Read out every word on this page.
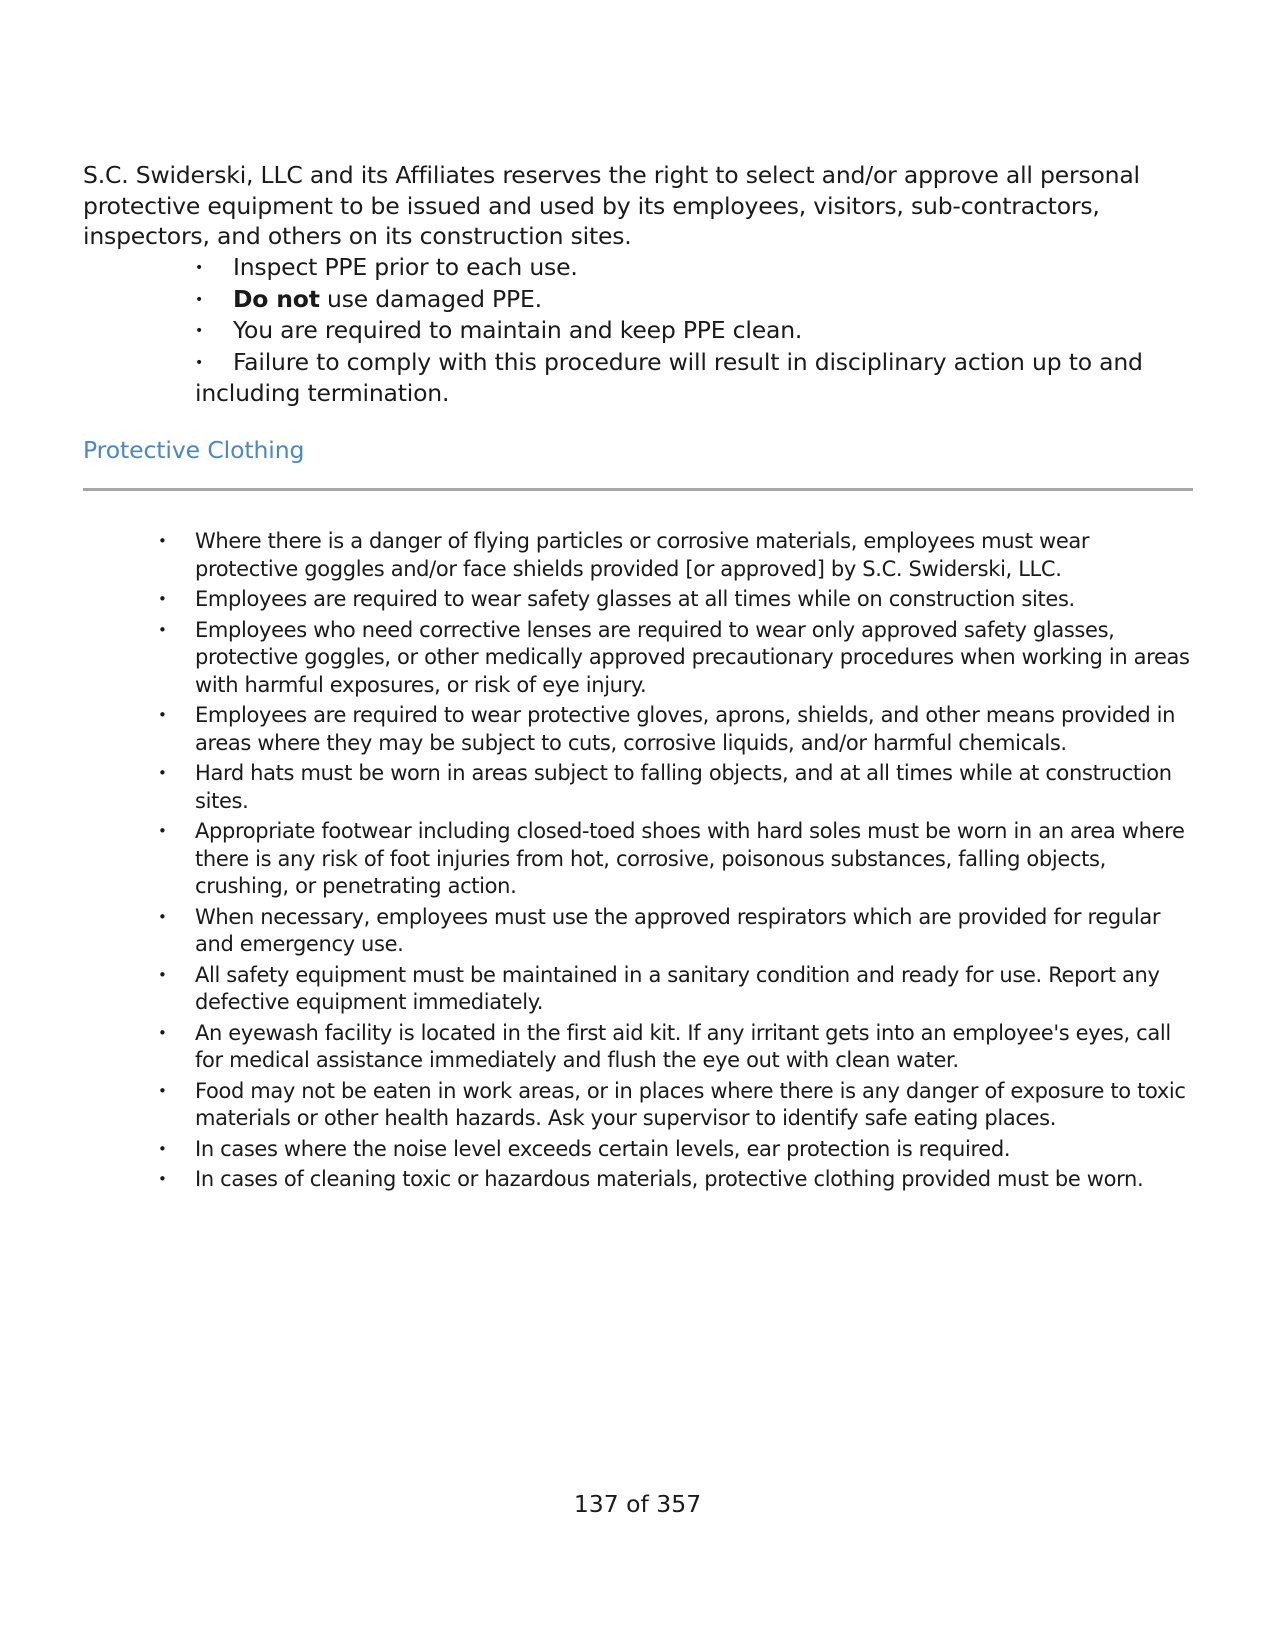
S.C. Swiderski, LLC and its Affiliates reserves the right to select and/or approve all personal protective equipment to be issued and used by its employees, visitors, sub-contractors, inspectors, and others on its construction sites.

• Inspect PPE prior to each use.
• Do not use damaged PPE.
• You are required to maintain and keep PPE clean.
• Failure to comply with this procedure will result in disciplinary action up to and including termination.
Protective Clothing
• Where there is a danger of flying particles or corrosive materials, employees must wear protective goggles and/or face shields provided [or approved] by S.C. Swiderski, LLC.
• Employees are required to wear safety glasses at all times while on construction sites.
• Employees who need corrective lenses are required to wear only approved safety glasses, protective goggles, or other medically approved precautionary procedures when working in areas with harmful exposures, or risk of eye injury.
• Employees are required to wear protective gloves, aprons, shields, and other means provided in areas where they may be subject to cuts, corrosive liquids, and/or harmful chemicals.
• Hard hats must be worn in areas subject to falling objects, and at all times while at construction sites.
• Appropriate footwear including closed-toed shoes with hard soles must be worn in an area where there is any risk of foot injuries from hot, corrosive, poisonous substances, falling objects, crushing, or penetrating action.
• When necessary, employees must use the approved respirators which are provided for regular and emergency use.
• All safety equipment must be maintained in a sanitary condition and ready for use. Report any defective equipment immediately.
• An eyewash facility is located in the first aid kit. If any irritant gets into an employee's eyes, call for medical assistance immediately and flush the eye out with clean water.
• Food may not be eaten in work areas, or in places where there is any danger of exposure to toxic materials or other health hazards. Ask your supervisor to identify safe eating places.
• In cases where the noise level exceeds certain levels, ear protection is required.
• In cases of cleaning toxic or hazardous materials, protective clothing provided must be worn.

137 of 357
